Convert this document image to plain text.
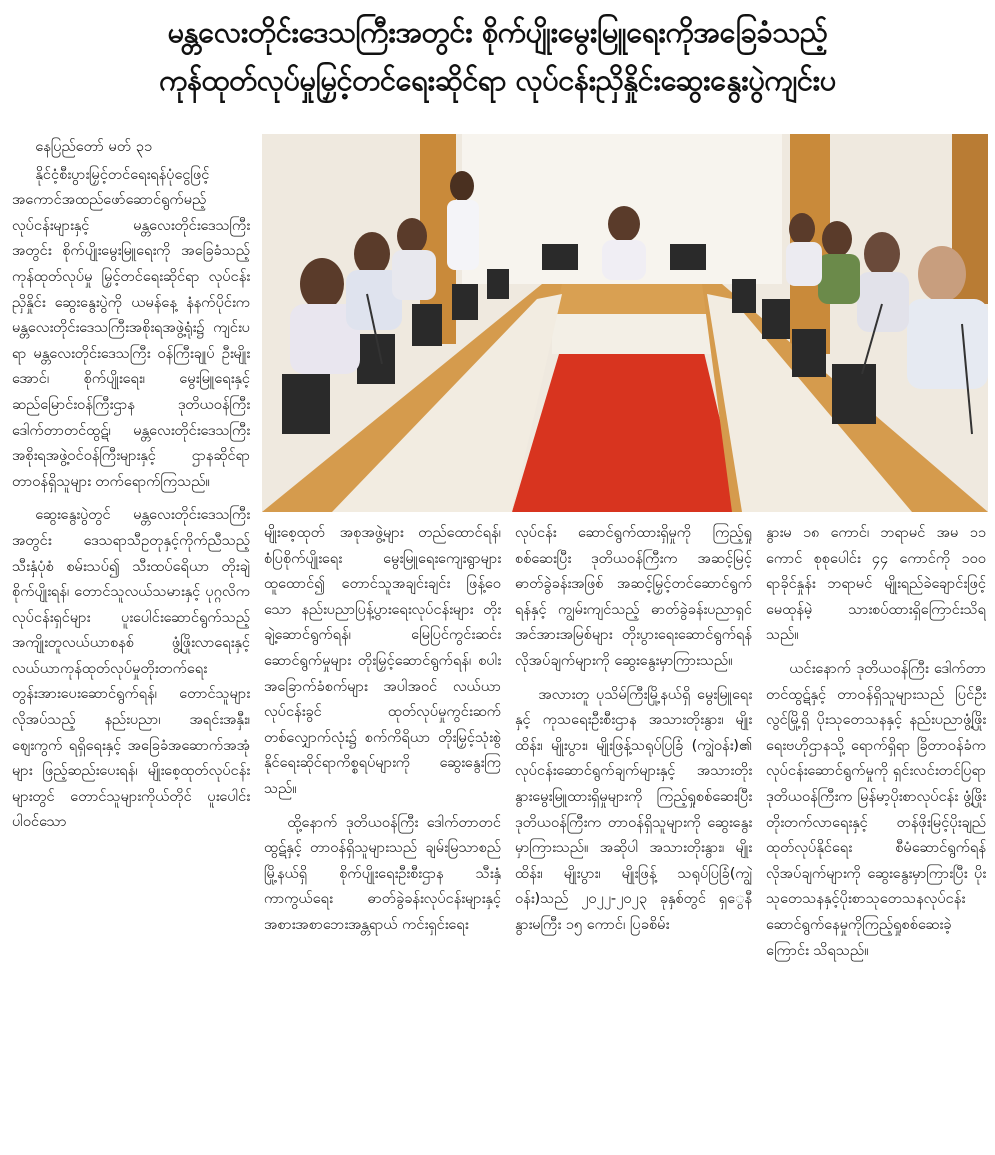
မန္တလေးတိုင်းဒေသကြီးအတွင်း စိုက်ပျိုးမွေးမြူရေးကိုအခြေခံသည့်
ကုန်ထုတ်လုပ်မှုမြှင့်တင်ရေးဆိုင်ရာ လုပ်ငန်းညှိနှိုင်းဆွေးနွေးပွဲကျင်းပ
နေပြည်တော် မတ် ၃၁

နိုင်ငံ့စီးပွားမြှင့်တင်ရေးရန်ပုံငွေဖြင့် အကောင်အထည်ဖော်ဆောင်ရွက်မည့် လုပ်ငန်းများနှင့် မန္တလေးတိုင်းဒေသကြီးအတွင်း စိုက်ပျိုးမွေးမြူရေးကို အခြေခံသည့် ကုန်ထုတ်လုပ်မှု မြှင့်တင်ရေးဆိုင်ရာ လုပ်ငန်းညှိနှိုင်း ဆွေးနွေးပွဲကို ယမန်နေ့ နံနက်ပိုင်းက မန္တလေးတိုင်းဒေသကြီးအစိုးရအဖွဲ့ရုံး၌ ကျင်းပရာ မန္တလေးတိုင်းဒေသကြီး ဝန်ကြီးချုပ် ဦးမျိုးအောင်၊ စိုက်ပျိုးရေး၊ မွေးမြူရေးနှင့် ဆည်မြောင်းဝန်ကြီးဌာန ဒုတိယဝန်ကြီး ဒေါက်တာတင်ထွဋ်၊ မန္တလေးတိုင်းဒေသကြီး အစိုးရအဖွဲ့ဝင်ဝန်ကြီးများနှင့် ဌာနဆိုင်ရာ တာဝန်ရှိသူများ တက်ရောက်ကြသည်။

ဆွေးနွေးပွဲတွင် မန္တလေးတိုင်းဒေသကြီးအတွင်း ဒေသရာသီဥတုနှင့်ကိုက်ညီသည့် သီးနှံပုံစံ စမ်းသပ်၍ သီးထပ်ရေိယာ တိုးချဲ့စိုက်ပျိုးရန်၊ တောင်သူလယ်သမားနှင့် ပုဂ္ဂလိကလုပ်ငန်းရှင်များ ပူးပေါင်းဆောင်ရွက်သည့် အကျိုးတူလယ်ယာစနစ် ဖွံ့ဖြိုးလာရေးနှင့် လယ်ယာကုန်ထုတ်လုပ်မှုတိုးတက်ရေး တွန်းအားပေးဆောင်ရွက်ရန်၊ တောင်သူများ လိုအပ်သည့် နည်းပညာ၊ အရင်းအနှီး၊ ဈေးကွက် ရရှိရေးနှင့် အခြေခံအဆောက်အအုံများ ဖြည့်ဆည်းပေးရန်၊ မျိုးစေ့ထုတ်လုပ်ငန်းများတွင် တောင်သူများကိုယ်တိုင် ပူးပေါင်းပါဝင်သော

မျိုးစေ့ထုတ် အစုအဖွဲ့များ တည်ထောင်ရန်၊ စံပြစိုက်ပျိုးရေး မွေးမြူရေးကျေးရွာများ ထူထောင်၍ တောင်သူအချင်းချင်း ဖြန့်ဝေသော နည်းပညာပြန့်ပွားရေးလုပ်ငန်းများ တိုးချဲ့ဆောင်ရွက်ရန်၊ မြေပြင်ကွင်းဆင်းဆောင်ရွက်မှုများ တိုးမြှင့်ဆောင်ရွက်ရန်၊ စပါးအခြောက်ခံစက်များ အပါအဝင် လယ်ယာလုပ်ငန်းခွင် ထုတ်လုပ်မှုကွင်းဆက် တစ်လျှောက်လုံး၌ စက်ကိရိယာ တိုးမြှင့်သုံးစွဲနိုင်ရေးဆိုင်ရာကိစ္စရပ်များကို ဆွေးနွေးကြသည်။

ထို့နောက် ဒုတိယဝန်ကြီး ဒေါက်တာတင်ထွဋ်နှင့် တာဝန်ရှိသူများသည် ချမ်းမြသာစည်မြို့နယ်ရှိ စိုက်ပျိုးရေးဦးစီးဌာန သီးနှံကာကွယ်ရေး ဓာတ်ခွဲခန်းလုပ်ငန်းများနှင့် အစားအစာဘေးအန္တရာယ် ကင်းရှင်းရေး

လုပ်ငန်း ဆောင်ရွက်ထားရှိမှုကို ကြည့်ရှုစစ်ဆေးပြီး ဒုတိယဝန်ကြီးက အဆင့်မြင့်ဓာတ်ခွဲခန်းအဖြစ် အဆင့်မြှင့်တင်ဆောင်ရွက်ရန်နှင့် ကျွမ်းကျင်သည့် ဓာတ်ခွဲခန်းပညာရှင်အင်အားအမြစ်များ တိုးပွားရေးဆောင်ရွက်ရန် လိုအပ်ချက်များကို ဆွေးနွေးမှာကြားသည်။

အလားတူ ပုသိမ်ကြီးမြို့နယ်ရှိ မွေးမြူရေးနှင့် ကုသရေးဦးစီးဌာန အသားတိုးနွား၊ မျိုးထိန်း၊ မျိုးပွား၊ မျိုးဖြန့်သရုပ်ပြခြံ (ကျွဲဝန်း)၏ လုပ်ငန်းဆောင်ရွက်ချက်များနှင့် အသားတိုးနွားမွေးမြူထားရှိမှုများကို ကြည့်ရှုစစ်ဆေးပြီး ဒုတိယဝန်ကြီးက တာဝန်ရှိသူများကို ဆွေးနွေးမှာကြားသည်။ အဆိုပါ အသားတိုးနွား၊ မျိုးထိန်း၊ မျိုးပွား၊ မျိုးဖြန့် သရုပ်ပြခြံ(ကျွဲဝန်း)သည် ၂၀၂၂-၂၀၂၃ ခုနှစ်တွင် ရှွေနီနွားမကြီး ၁၅ ကောင်၊ ပြခစိမ်း

နွားမ ၁၈ ကောင်၊ ဘရာမင် အမ ၁၁ ကောင် စုစုပေါင်း ၄၄ ကောင်ကို ၁၀၀ ရာခိုင်နှုန်း ဘရာမင် မျိုးရည်ခဲချောင်းဖြင့် မေထုန်မဲ့ သားစပ်ထားရှိကြောင်းသိရသည်။

ယင်းနောက် ဒုတိယဝန်ကြီး ဒေါက်တာတင်ထွဋ်နှင့် တာဝန်ရှိသူများသည် ပြင်ဦးလွင်မြို့ရှိ ပိုးသုတေသနနှင့် နည်းပညာဖွံ့ဖြိုးရေးဗဟိုဌာနသို့ ရောက်ရှိရာ ခြိတာဝန်ခံက လုပ်ငန်းဆောင်ရွက်မှုကို ရှင်းလင်းတင်ပြရာ ဒုတိယဝန်ကြီးက မြန်မာ့ပိုးစာလုပ်ငန်း ဖွံ့ဖြိုးတိုးတက်လာရေးနှင့် တန်ဖိုးမြင့်ပိုးချည်ထုတ်လုပ်နိုင်ရေး စီမံဆောင်ရွက်ရန် လိုအပ်ချက်များကို ဆွေးနွေးမှာကြားပြီး ပိုးသုတေသနနှင့်ပိုးစာသုတေသနလုပ်ငန်းဆောင်ရွက်နေမှုကိုကြည့်ရှုစစ်ဆေးခဲ့ကြောင်း သိရသည်။
